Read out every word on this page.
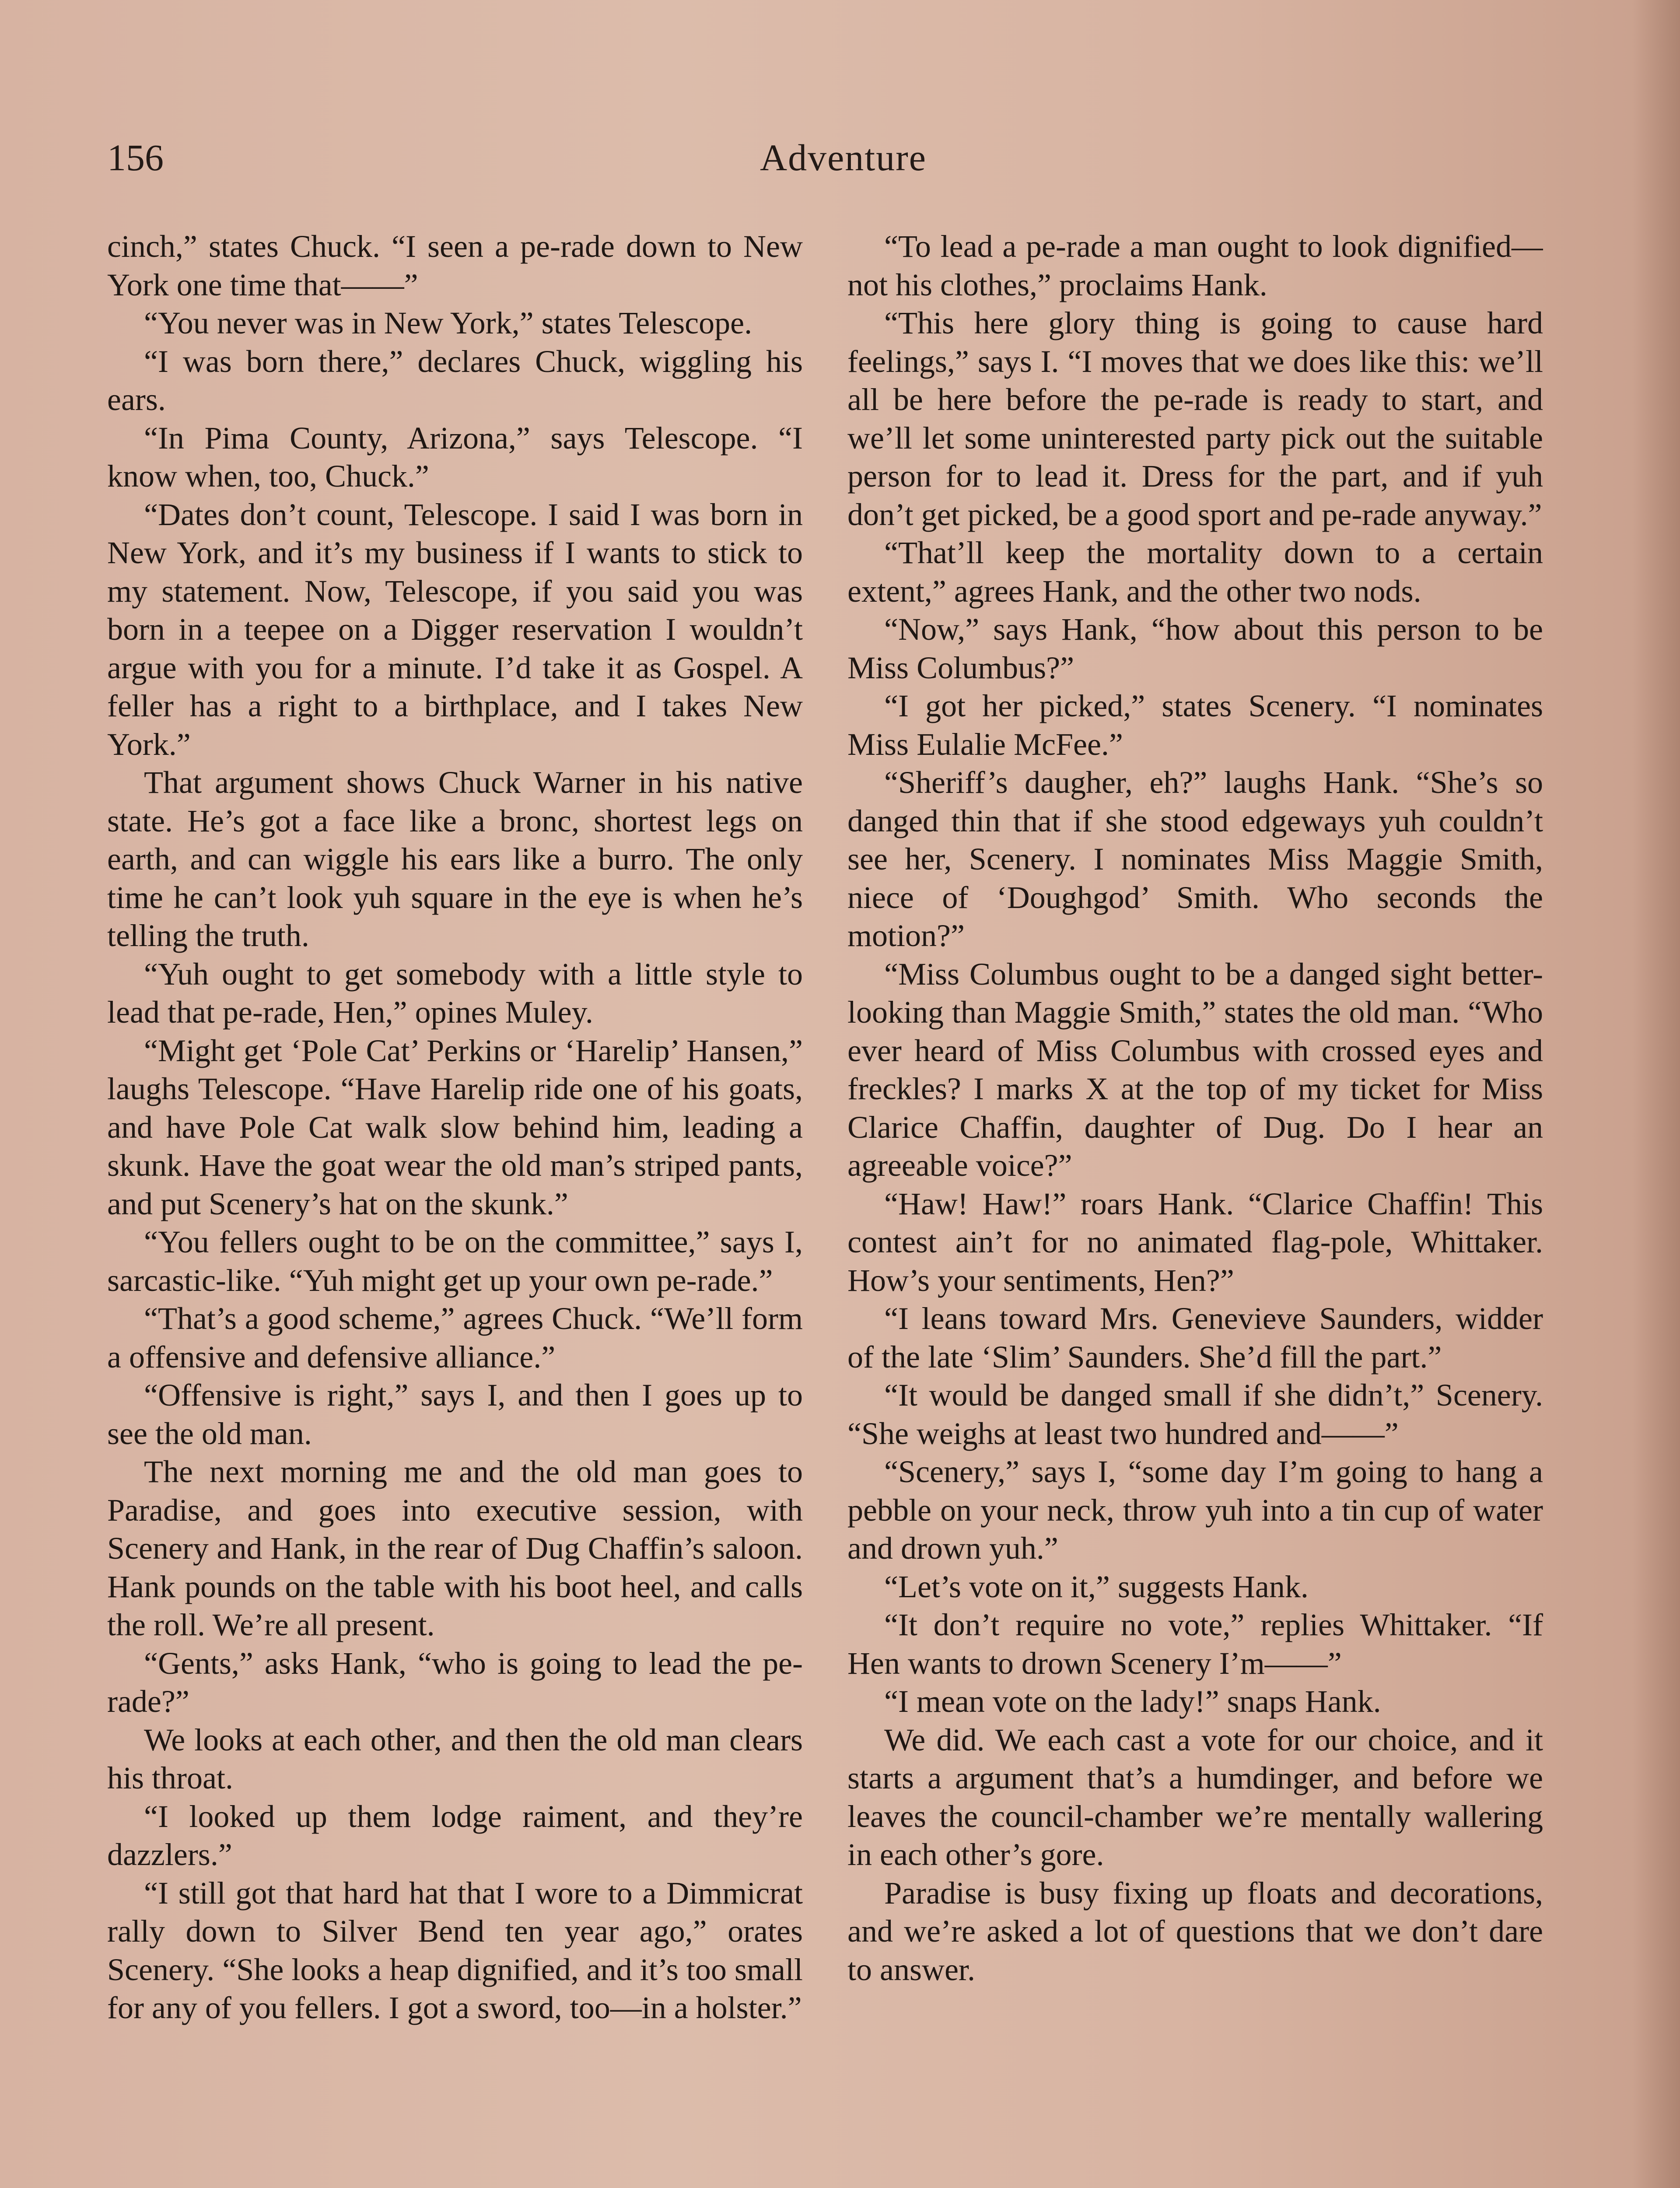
156	Adventure

cinch,” states Chuck. “I seen a pe-rade down to New York one time that——”

“You never was in New York,” states Telescope.

“I was born there,” declares Chuck, wiggling his ears.

“In Pima County, Arizona,” says Telescope. “I know when, too, Chuck.”

“Dates don’t count, Telescope. I said I was born in New York, and it’s my business if I wants to stick to my statement. Now, Telescope, if you said you was born in a teepee on a Digger reservation I wouldn’t argue with you for a minute. I’d take it as Gospel. A feller has a right to a birthplace, and I takes New York.”

That argument shows Chuck Warner in his native state. He’s got a face like a bronc, shortest legs on earth, and can wiggle his ears like a burro. The only time he can’t look yuh square in the eye is when he’s telling the truth.

“Yuh ought to get somebody with a little style to lead that pe-rade, Hen,” opines Muley.

“Might get ‘Pole Cat’ Perkins or ‘Harelip’ Hansen,” laughs Telescope. “Have Harelip ride one of his goats, and have Pole Cat walk slow behind him, leading a skunk. Have the goat wear the old man’s striped pants, and put Scenery’s hat on the skunk.”

“You fellers ought to be on the committee,” says I, sarcastic-like. “Yuh might get up your own pe-rade.”

“That’s a good scheme,” agrees Chuck. “We’ll form a offensive and defensive alliance.”

“Offensive is right,” says I, and then I goes up to see the old man.

The next morning me and the old man goes to Paradise, and goes into executive session, with Scenery and Hank, in the rear of Dug Chaffin’s saloon. Hank pounds on the table with his boot heel, and calls the roll. We’re all present.

“Gents,” asks Hank, “who is going to lead the pe-rade?”

We looks at each other, and then the old man clears his throat.

“I looked up them lodge raiment, and they’re dazzlers.”

“I still got that hard hat that I wore to a Dimmicrat rally down to Silver Bend ten year ago,” orates Scenery. “She looks a heap dignified, and it’s too small for any of you fellers. I got a sword, too—in a holster.”

“To lead a pe-rade a man ought to look dignified—not his clothes,” proclaims Hank.

“This here glory thing is going to cause hard feelings,” says I. “I moves that we does like this: we’ll all be here before the pe-rade is ready to start, and we’ll let some uninterested party pick out the suitable person for to lead it. Dress for the part, and if yuh don’t get picked, be a good sport and pe-rade anyway.”

“That’ll keep the mortality down to a certain extent,” agrees Hank, and the other two nods.

“Now,” says Hank, “how about this person to be Miss Columbus?”

“I got her picked,” states Scenery. “I nominates Miss Eulalie McFee.”

“Sheriff’s daugher, eh?” laughs Hank. “She’s so danged thin that if she stood edgeways yuh couldn’t see her, Scenery. I nominates Miss Maggie Smith, niece of ‘Doughgod’ Smith. Who seconds the motion?”

“Miss Columbus ought to be a danged sight better-looking than Maggie Smith,” states the old man. “Who ever heard of Miss Columbus with crossed eyes and freckles? I marks X at the top of my ticket for Miss Clarice Chaffin, daughter of Dug. Do I hear an agreeable voice?”

“Haw! Haw!” roars Hank. “Clarice Chaffin! This contest ain’t for no animated flag-pole, Whittaker. How’s your sentiments, Hen?”

“I leans toward Mrs. Genevieve Saunders, widder of the late ‘Slim’ Saunders. She’d fill the part.”

“It would be danged small if she didn’t,” Scenery. “She weighs at least two hundred and——”

“Scenery,” says I, “some day I’m going to hang a pebble on your neck, throw yuh into a tin cup of water and drown yuh.”

“Let’s vote on it,” suggests Hank.

“It don’t require no vote,” replies Whittaker. “If Hen wants to drown Scenery I’m——”

“I mean vote on the lady!” snaps Hank.

We did. We each cast a vote for our choice, and it starts a argument that’s a humdinger, and before we leaves the council-chamber we’re mentally wallering in each other’s gore.

Paradise is busy fixing up floats and decorations, and we’re asked a lot of questions that we don’t dare to answer.
